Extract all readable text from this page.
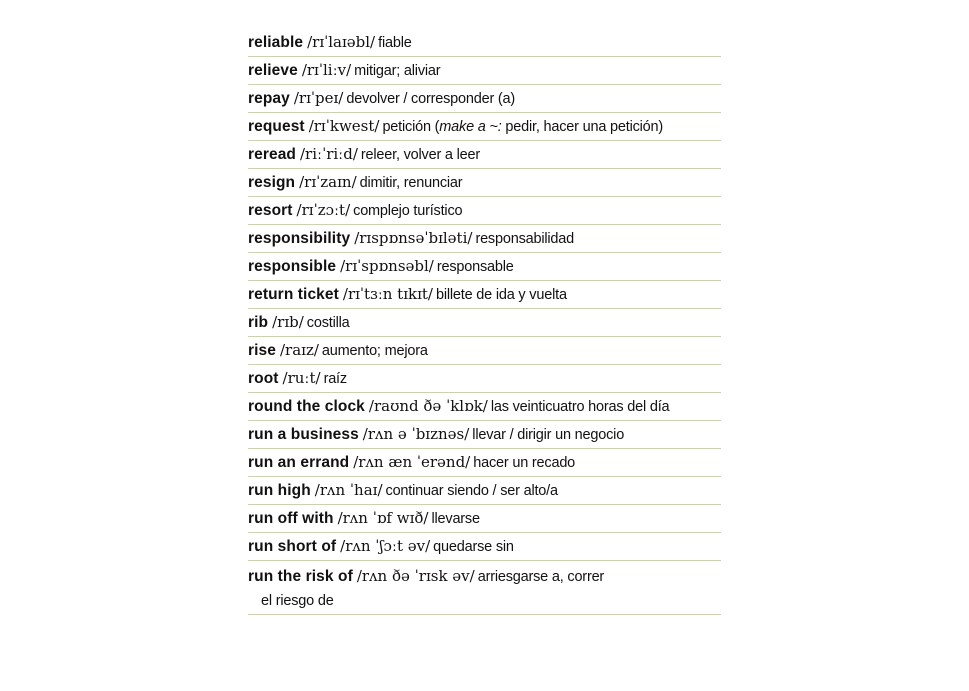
reliable /rɪˈlaɪəbl/ fiable
relieve /rɪˈliːv/ mitigar; aliviar
repay /rɪˈpeɪ/ devolver / corresponder (a)
request /rɪˈkwest/ petición (make a ~: pedir, hacer una petición)
reread /riːˈriːd/ releer, volver a leer
resign /rɪˈzaɪn/ dimitir, renunciar
resort /rɪˈzɔːt/ complejo turístico
responsibility /rɪspɒnsəˈbɪləti/ responsabilidad
responsible /rɪˈspɒnsəbl/ responsable
return ticket /rɪˈtɜːn tɪkɪt/ billete de ida y vuelta
rib /rɪb/ costilla
rise /raɪz/ aumento; mejora
root /ruːt/ raíz
round the clock /raʊnd ðə ˈklɒk/ las veinticuatro horas del día
run a business /rʌn ə ˈbɪznəs/ llevar / dirigir un negocio
run an errand /rʌn æn ˈerənd/ hacer un recado
run high /rʌn ˈhaɪ/ continuar siendo / ser alto/a
run off with /rʌn ˈɒf wɪð/ llevarse
run short of /rʌn ˈʃɔːt əv/ quedarse sin
run the risk of /rʌn ðə ˈrɪsk əv/ arriesgarse a, correr
el riesgo de
